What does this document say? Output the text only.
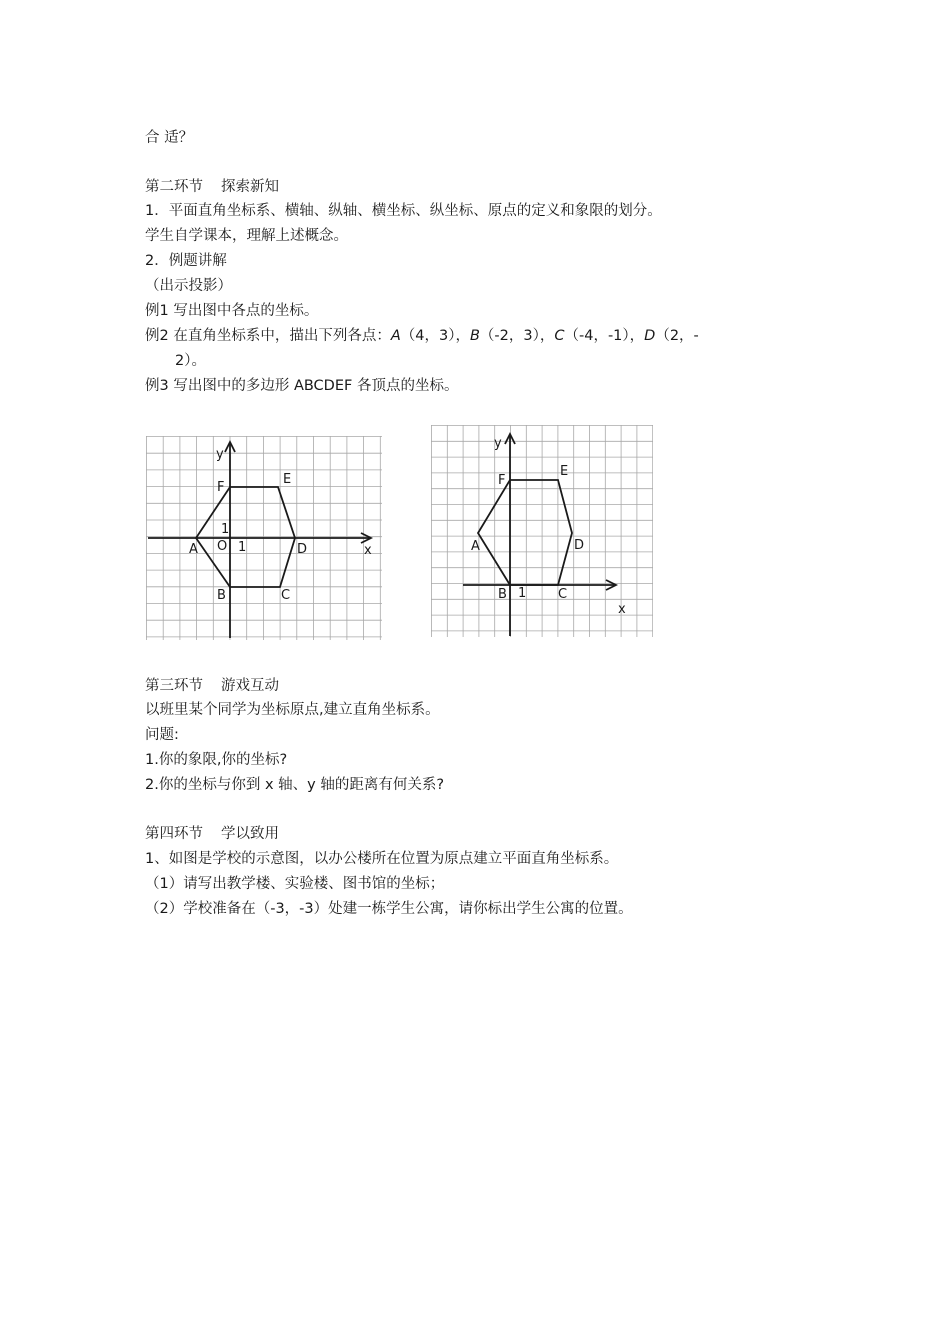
合 适？
第二环节 探索新知
1．平面直角坐标系、横轴、纵轴、横坐标、纵坐标、原点的定义和象限的划分。
学生自学课本，理解上述概念。
2．例题讲解
（出示投影）
例1 写出图中各点的坐标。
例2 在直角坐标系中，描出下列各点：A（4，3），B（-2，3），C（-4，-1），D（2，-
2）。
例3 写出图中的多边形 ABCDEF 各顶点的坐标。
y
x
F
E
A	D
B	C
O 1
1
y
x
F
E
A	D
B	C
1
第三环节 游戏互动
以班里某个同学为坐标原点,建立直角坐标系。
问题:
1.你的象限,你的坐标?
2.你的坐标与你到 x 轴、y 轴的距离有何关系?
第四环节 学以致用
1、如图是学校的示意图，以办公楼所在位置为原点建立平面直角坐标系。
（1）请写出教学楼、实验楼、图书馆的坐标；
（2）学校准备在（-3，-3）处建一栋学生公寓，请你标出学生公寓的位置。
